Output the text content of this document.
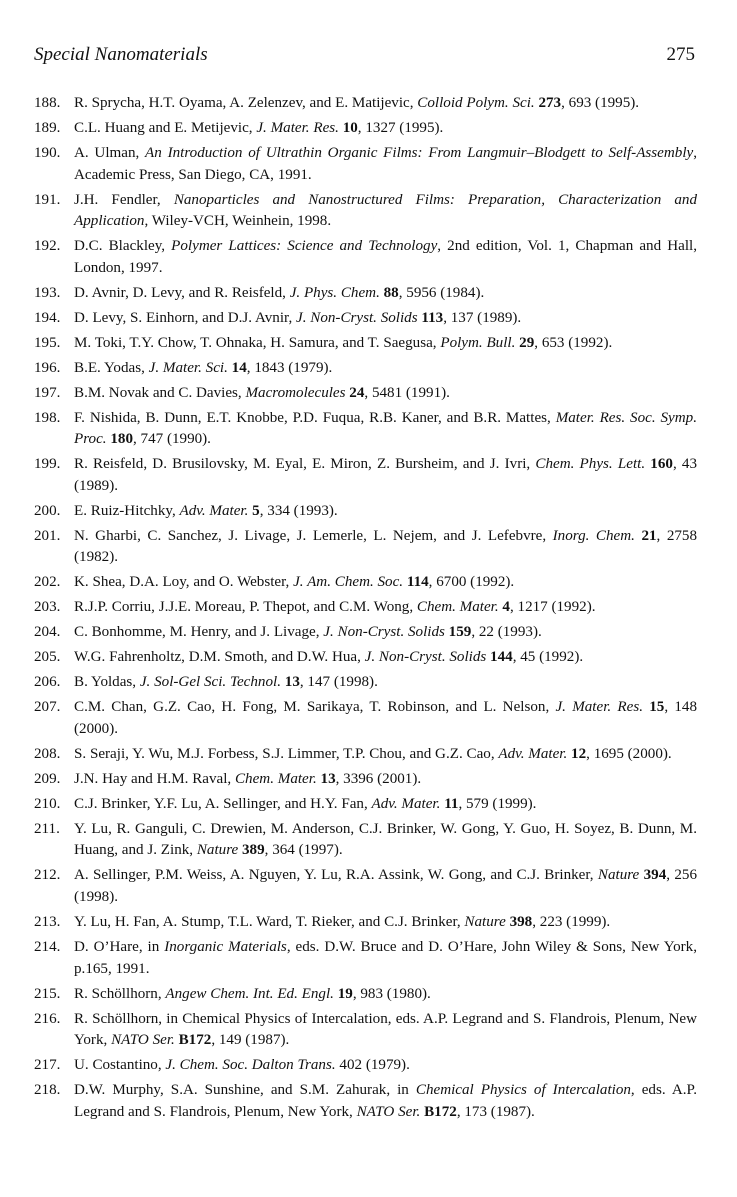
Special Nanomaterials	275
188. R. Sprycha, H.T. Oyama, A. Zelenzev, and E. Matijevic, Colloid Polym. Sci. 273, 693 (1995).
189. C.L. Huang and E. Metijevic, J. Mater. Res. 10, 1327 (1995).
190. A. Ulman, An Introduction of Ultrathin Organic Films: From Langmuir–Blodgett to Self-Assembly, Academic Press, San Diego, CA, 1991.
191. J.H. Fendler, Nanoparticles and Nanostructured Films: Preparation, Characterization and Application, Wiley-VCH, Weinhein, 1998.
192. D.C. Blackley, Polymer Lattices: Science and Technology, 2nd edition, Vol. 1, Chapman and Hall, London, 1997.
193. D. Avnir, D. Levy, and R. Reisfeld, J. Phys. Chem. 88, 5956 (1984).
194. D. Levy, S. Einhorn, and D.J. Avnir, J. Non-Cryst. Solids 113, 137 (1989).
195. M. Toki, T.Y. Chow, T. Ohnaka, H. Samura, and T. Saegusa, Polym. Bull. 29, 653 (1992).
196. B.E. Yodas, J. Mater. Sci. 14, 1843 (1979).
197. B.M. Novak and C. Davies, Macromolecules 24, 5481 (1991).
198. F. Nishida, B. Dunn, E.T. Knobbe, P.D. Fuqua, R.B. Kaner, and B.R. Mattes, Mater. Res. Soc. Symp. Proc. 180, 747 (1990).
199. R. Reisfeld, D. Brusilovsky, M. Eyal, E. Miron, Z. Bursheim, and J. Ivri, Chem. Phys. Lett. 160, 43 (1989).
200. E. Ruiz-Hitchky, Adv. Mater. 5, 334 (1993).
201. N. Gharbi, C. Sanchez, J. Livage, J. Lemerle, L. Nejem, and J. Lefebvre, Inorg. Chem. 21, 2758 (1982).
202. K. Shea, D.A. Loy, and O. Webster, J. Am. Chem. Soc. 114, 6700 (1992).
203. R.J.P. Corriu, J.J.E. Moreau, P. Thepot, and C.M. Wong, Chem. Mater. 4, 1217 (1992).
204. C. Bonhomme, M. Henry, and J. Livage, J. Non-Cryst. Solids 159, 22 (1993).
205. W.G. Fahrenholtz, D.M. Smoth, and D.W. Hua, J. Non-Cryst. Solids 144, 45 (1992).
206. B. Yoldas, J. Sol-Gel Sci. Technol. 13, 147 (1998).
207. C.M. Chan, G.Z. Cao, H. Fong, M. Sarikaya, T. Robinson, and L. Nelson, J. Mater. Res. 15, 148 (2000).
208. S. Seraji, Y. Wu, M.J. Forbess, S.J. Limmer, T.P. Chou, and G.Z. Cao, Adv. Mater. 12, 1695 (2000).
209. J.N. Hay and H.M. Raval, Chem. Mater. 13, 3396 (2001).
210. C.J. Brinker, Y.F. Lu, A. Sellinger, and H.Y. Fan, Adv. Mater. 11, 579 (1999).
211. Y. Lu, R. Ganguli, C. Drewien, M. Anderson, C.J. Brinker, W. Gong, Y. Guo, H. Soyez, B. Dunn, M. Huang, and J. Zink, Nature 389, 364 (1997).
212. A. Sellinger, P.M. Weiss, A. Nguyen, Y. Lu, R.A. Assink, W. Gong, and C.J. Brinker, Nature 394, 256 (1998).
213. Y. Lu, H. Fan, A. Stump, T.L. Ward, T. Rieker, and C.J. Brinker, Nature 398, 223 (1999).
214. D. O’Hare, in Inorganic Materials, eds. D.W. Bruce and D. O’Hare, John Wiley & Sons, New York, p.165, 1991.
215. R. Schöllhorn, Angew Chem. Int. Ed. Engl. 19, 983 (1980).
216. R. Schöllhorn, in Chemical Physics of Intercalation, eds. A.P. Legrand and S. Flandrois, Plenum, New York, NATO Ser. B172, 149 (1987).
217. U. Costantino, J. Chem. Soc. Dalton Trans. 402 (1979).
218. D.W. Murphy, S.A. Sunshine, and S.M. Zahurak, in Chemical Physics of Intercalation, eds. A.P. Legrand and S. Flandrois, Plenum, New York, NATO Ser. B172, 173 (1987).
